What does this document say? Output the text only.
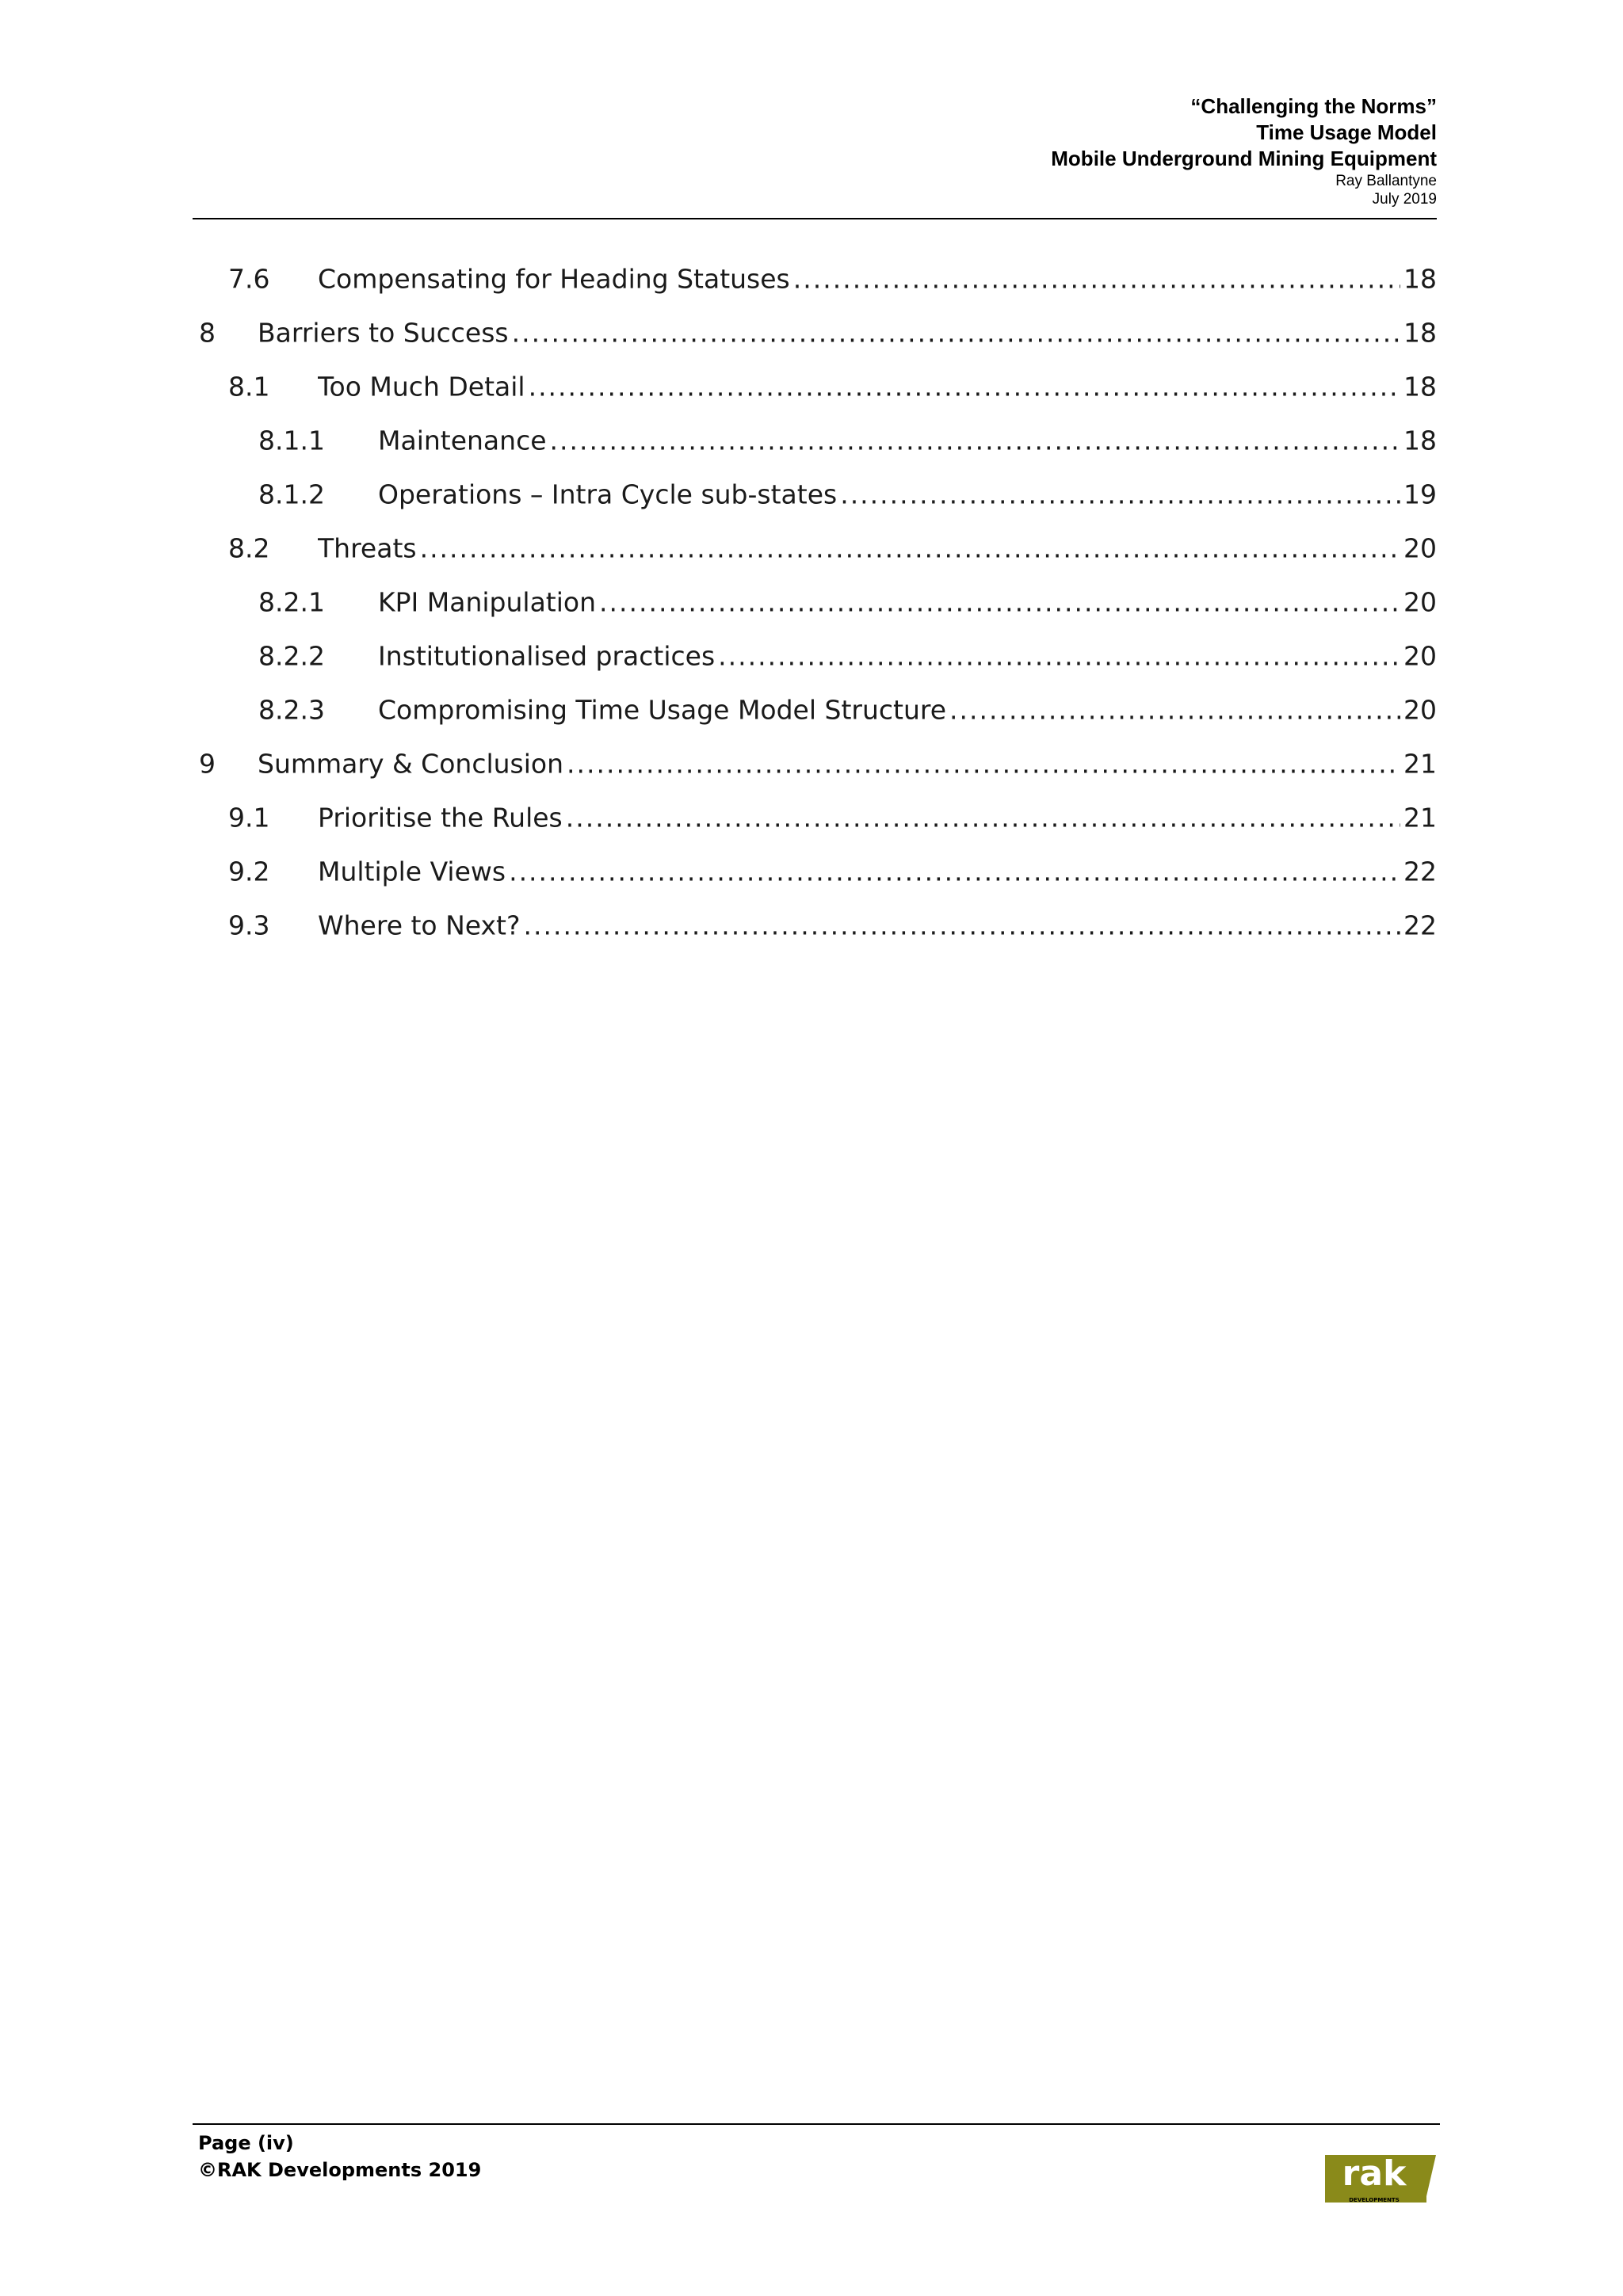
“Challenging the Norms”
Time Usage Model
Mobile Underground Mining Equipment
Ray Ballantyne
July 2019
7.6 Compensating for Heading Statuses .....	18
8 Barriers to Success .....	18
8.1 Too Much Detail .....	18
8.1.1 Maintenance .....	18
8.1.2 Operations – Intra Cycle sub-states .....	19
8.2 Threats .....	20
8.2.1 KPI Manipulation .....	20
8.2.2 Institutionalised practices .....	20
8.2.3 Compromising Time Usage Model Structure .....	20
9 Summary & Conclusion .....	21
9.1 Prioritise the Rules .....	21
9.2 Multiple Views .....	22
9.3 Where to Next? .....	22
Page (iv)
©RAK Developments 2019	rak
DEVELOPMENTS
